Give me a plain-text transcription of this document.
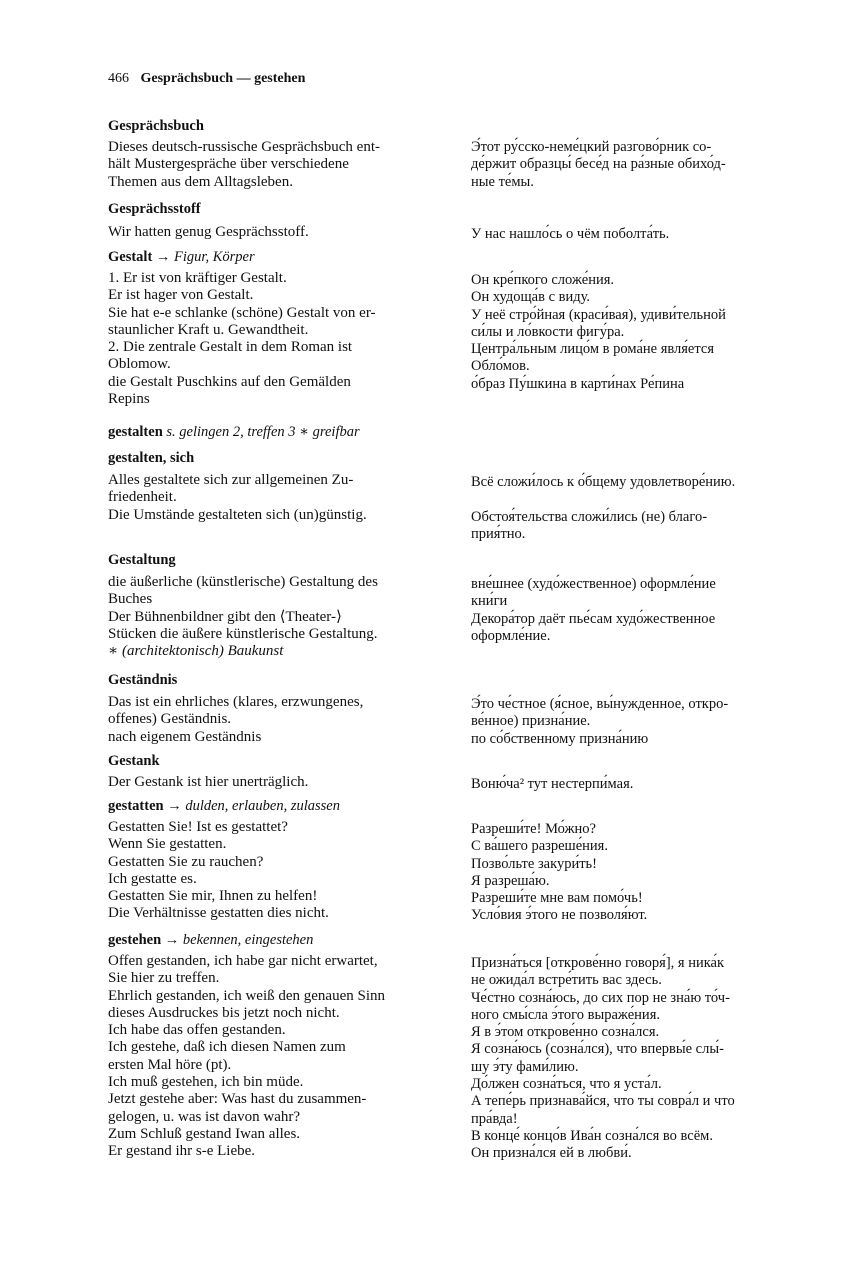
466 Gesprächsbuch — gestehen
Gesprächsbuch
Dieses deutsch-russische Gesprächsbuch ent-
hält Mustergespräche über verschiedene
Themen aus dem Alltagsleben.
Э́тот ру́сско-неме́цкий разгово́рник со-
де́ржит образцы́ бесе́д на ра́зные обихо́д-
ные те́мы.
Gesprächsstoff
Wir hatten genug Gesprächsstoff.	У нас нашло́сь о чём поболта́ть.
Gestalt → Figur, Körper
1. Er ist von kräftiger Gestalt.
Er ist hager von Gestalt.
Sie hat e-e schlanke (schöne) Gestalt von er-
staunlicher Kraft u. Gewandtheit.
2. Die zentrale Gestalt in dem Roman ist
Oblomow.
die Gestalt Puschkins auf den Gemälden
Repins
Он кре́пкого сложе́ния.
Он худоща́в с виду.
У неё стро́йная (краси́вая), удиви́тельной
си́лы и ло́вкости фигу́ра.
Центра́льным лицо́м в рома́не явля́ется
Обло́мов.
о́браз Пу́шкина в карти́нах Ре́пина
gestalten s. gelingen 2, treffen 3 ∗ greifbar
gestalten, sich
Alles gestaltete sich zur allgemeinen Zu-
friedenheit.
Die Umstände gestalteten sich (un)günstig.
Всё сложи́лось к о́бщему удовлетворе́нию.
Обстоя́тельства сложи́лись (не) благо-
прия́тно.
Gestaltung
die äußerliche (künstlerische) Gestaltung des
Buches
Der Bühnenbildner gibt den ⟨Theater-⟩
Stücken die äußere künstlerische Gestaltung.
∗ (architektonisch) Baukunst
вне́шнее (худо́жественное) оформле́ние
кни́ги
Декора́тор даёт пье́сам худо́жественное
оформле́ние.
Geständnis
Das ist ein ehrliches (klares, erzwungenes,
offenes) Geständnis.
nach eigenem Geständnis
Э́то че́стное (я́сное, вы́нужденное, откро-
ве́нное) призна́ние.
по со́бственному призна́нию
Gestank
Der Gestank ist hier unerträglich.	Воню́ча² тут нестерпи́мая.
gestatten → dulden, erlauben, zulassen
Gestatten Sie! Ist es gestattet?
Wenn Sie gestatten.
Gestatten Sie zu rauchen?
Ich gestatte es.
Gestatten Sie mir, Ihnen zu helfen!
Die Verhältnisse gestatten dies nicht.
Разреши́те! Мо́жно?
С ва́шего разреше́ния.
Позво́льте закури́ть!
Я разреша́ю.
Разреши́те мне вам помо́чь!
Усло́вия э́того не позволя́ют.
gestehen → bekennen, eingestehen
Offen gestanden, ich habe gar nicht erwartet,
Sie hier zu treffen.
Ehrlich gestanden, ich weiß den genauen Sinn
dieses Ausdruckes bis jetzt noch nicht.
Ich habe das offen gestanden.
Ich gestehe, daß ich diesen Namen zum
ersten Mal höre (pt).
Ich muß gestehen, ich bin müde.
Jetzt gestehe aber: Was hast du zusammen-
gelogen, u. was ist davon wahr?
Zum Schluß gestand Iwan alles.
Er gestand ihr s-e Liebe.
Призна́ться [открове́нно говоря́], я ника́к
не ожида́л встре́тить вас здесь.
Че́стно созна́юсь, до сих пор не зна́ю то́ч-
ного смы́сла э́того выраже́ния.
Я в э́том открове́нно созна́лся.
Я созна́юсь (созна́лся), что впервы́е слы́-
шу э́ту фами́лию.
До́лжен созна́ться, что я уста́л.
А тепе́рь признава́йся, что ты совра́л и что
пра́вда!
В конце́ концо́в Ива́н созна́лся во всём.
Он призна́лся ей в любви́.
